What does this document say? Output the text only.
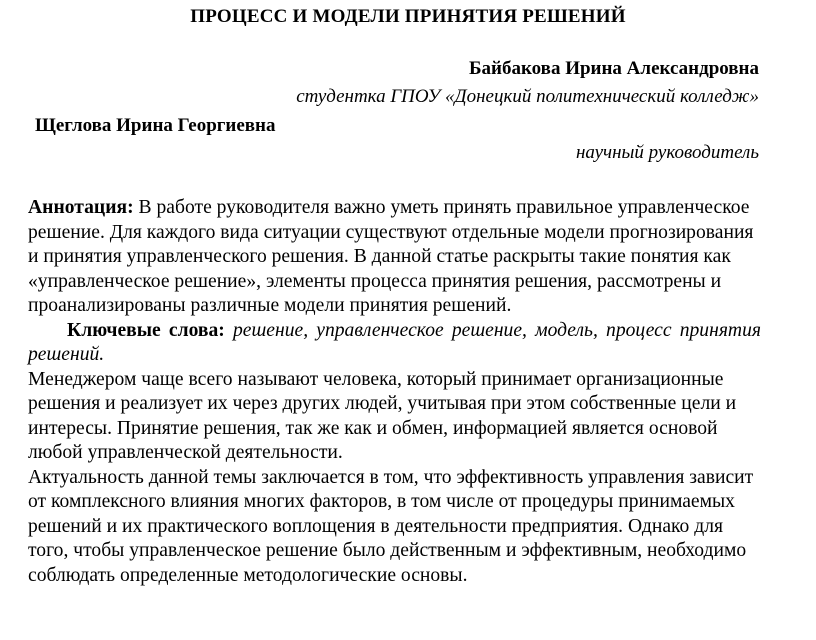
ПРОЦЕСС И МОДЕЛИ ПРИНЯТИЯ РЕШЕНИЙ
Байбакова Ирина Александровна
студентка ГПОУ «Донецкий политехнический колледж»
Щеглова Ирина Георгиевна
научный руководитель

Аннотация: В работе руководителя важно уметь принять правильное управленческое решение. Для каждого вида ситуации существуют отдельные модели прогнозирования и принятия управленческого решения. В данной статье раскрыты такие понятия как «управленческое решение», элементы процесса принятия решения, рассмотрены и проанализированы различные модели принятия решений.

Ключевые слова: решение, управленческое решение, модель, процесс принятия решений.

Менеджером чаще всего называют человека, который принимает организационные решения и реализует их через других людей, учитывая при этом собственные цели и интересы. Принятие решения, так же как и обмен, информацией является основой любой управленческой деятельности.

Актуальность данной темы заключается в том, что эффективность управления зависит от комплексного влияния многих факторов, в том числе от процедуры принимаемых решений и их практического воплощения в деятельности предприятия. Однако для того, чтобы управленческое решение было действенным и эффективным, необходимо соблюдать определенные методологические основы.
